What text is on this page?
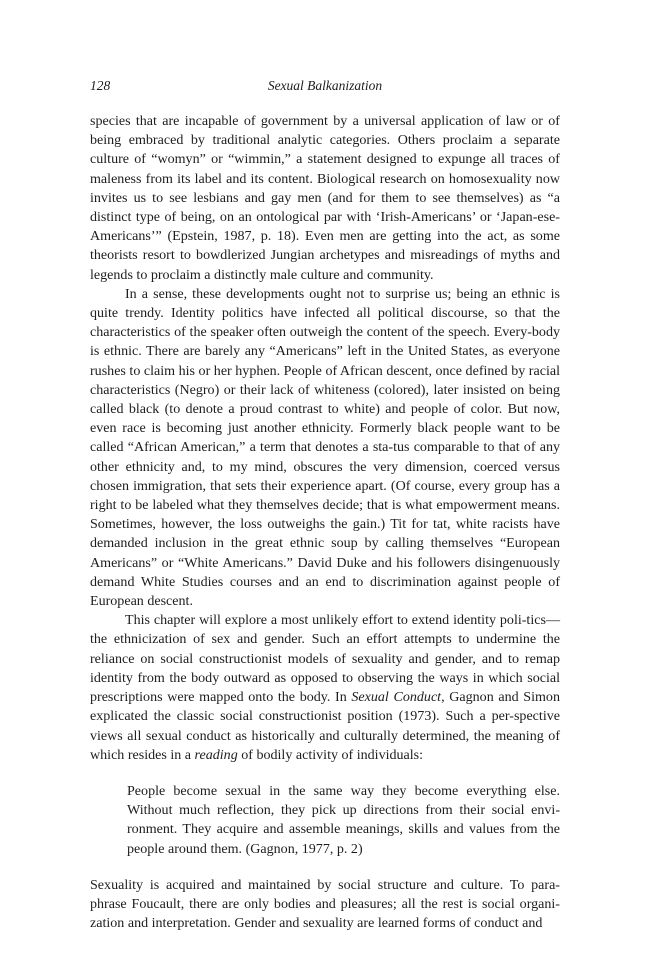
128	Sexual Balkanization

species that are incapable of government by a universal application of law or of being embraced by traditional analytic categories. Others proclaim a separate culture of “womyn” or “wimmin,” a statement designed to expunge all traces of maleness from its label and its content. Biological research on homosexuality now invites us to see lesbians and gay men (and for them to see themselves) as “a distinct type of being, on an ontological par with ‘Irish-Americans’ or ‘Japan-ese-Americans’” (Epstein, 1987, p. 18). Even men are getting into the act, as some theorists resort to bowdlerized Jungian archetypes and misreadings of myths and legends to proclaim a distinctly male culture and community.

In a sense, these developments ought not to surprise us; being an ethnic is quite trendy. Identity politics have infected all political discourse, so that the characteristics of the speaker often outweigh the content of the speech. Every-body is ethnic. There are barely any “Americans” left in the United States, as everyone rushes to claim his or her hyphen. People of African descent, once defined by racial characteristics (Negro) or their lack of whiteness (colored), later insisted on being called black (to denote a proud contrast to white) and people of color. But now, even race is becoming just another ethnicity. Formerly black people want to be called “African American,” a term that denotes a sta-tus comparable to that of any other ethnicity and, to my mind, obscures the very dimension, coerced versus chosen immigration, that sets their experience apart. (Of course, every group has a right to be labeled what they themselves decide; that is what empowerment means. Sometimes, however, the loss outweighs the gain.) Tit for tat, white racists have demanded inclusion in the great ethnic soup by calling themselves “European Americans” or “White Americans.” David Duke and his followers disingenuously demand White Studies courses and an end to discrimination against people of European descent.

This chapter will explore a most unlikely effort to extend identity poli-tics—the ethnicization of sex and gender. Such an effort attempts to undermine the reliance on social constructionist models of sexuality and gender, and to remap identity from the body outward as opposed to observing the ways in which social prescriptions were mapped onto the body. In Sexual Conduct, Gagnon and Simon explicated the classic social constructionist position (1973). Such a per-spective views all sexual conduct as historically and culturally determined, the meaning of which resides in a reading of bodily activity of individuals:

People become sexual in the same way they become everything else. Without much reflection, they pick up directions from their social envi-ronment. They acquire and assemble meanings, skills and values from the people around them. (Gagnon, 1977, p. 2)

Sexuality is acquired and maintained by social structure and culture. To para-phrase Foucault, there are only bodies and pleasures; all the rest is social organi-zation and interpretation. Gender and sexuality are learned forms of conduct and
